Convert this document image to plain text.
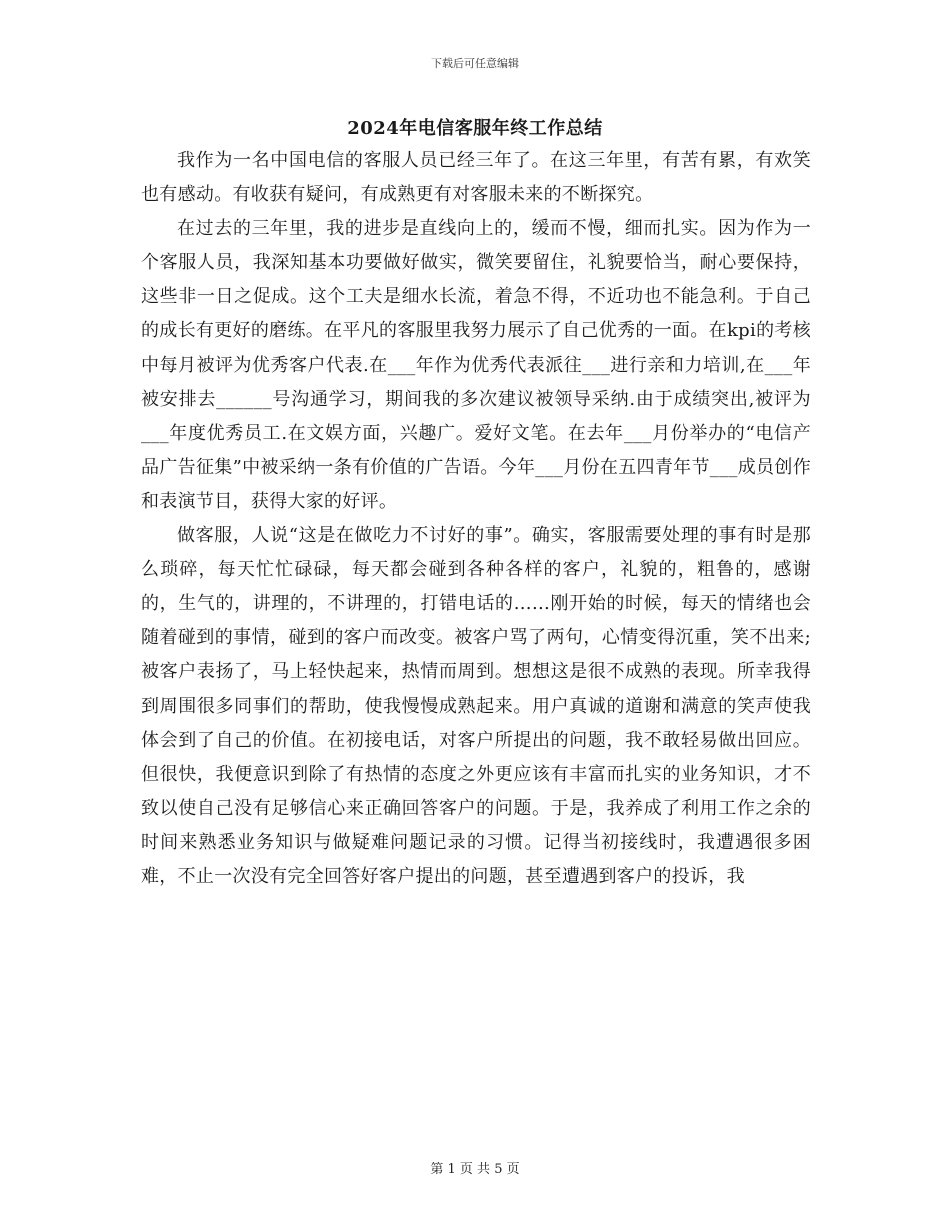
下载后可任意编辑
2024年电信客服年终工作总结

我作为一名中国电信的客服人员已经三年了。在这三年里，有苦有累，有欢笑也有感动。有收获有疑问，有成熟更有对客服未来的不断探究。

在过去的三年里，我的进步是直线向上的，缓而不慢，细而扎实。因为作为一个客服人员，我深知基本功要做好做实，微笑要留住，礼貌要恰当，耐心要保持，这些非一日之促成。这个工夫是细水长流，着急不得，不近功也不能急利。于自己的成长有更好的磨练。在平凡的客服里我努力展示了自己优秀的一面。在kpi的考核中每月被评为优秀客户代表.在___年作为优秀代表派往___进行亲和力培训,在___年被安排去______号沟通学习，期间我的多次建议被领导采纳.由于成绩突出,被评为___年度优秀员工.在文娱方面，兴趣广。爱好文笔。在去年___月份举办的“电信产品广告征集”中被采纳一条有价值的广告语。今年___月份在五四青年节___成员创作和表演节目，获得大家的好评。

做客服，人说“这是在做吃力不讨好的事”。确实，客服需要处理的事有时是那么琐碎，每天忙忙碌碌，每天都会碰到各种各样的客户，礼貌的，粗鲁的，感谢的，生气的，讲理的，不讲理的，打错电话的……刚开始的时候，每天的情绪也会随着碰到的事情，碰到的客户而改变。被客户骂了两句，心情变得沉重，笑不出来;被客户表扬了，马上轻快起来，热情而周到。想想这是很不成熟的表现。所幸我得到周围很多同事们的帮助，使我慢慢成熟起来。用户真诚的道谢和满意的笑声使我体会到了自己的价值。在初接电话，对客户所提出的问题，我不敢轻易做出回应。但很快，我便意识到除了有热情的态度之外更应该有丰富而扎实的业务知识，才不致以使自己没有足够信心来正确回答客户的问题。于是，我养成了利用工作之余的时间来熟悉业务知识与做疑难问题记录的习惯。记得当初接线时，我遭遇很多困难，不止一次没有完全回答好客户提出的问题，甚至遭遇到客户的投诉，我

第 1 页 共 5 页
